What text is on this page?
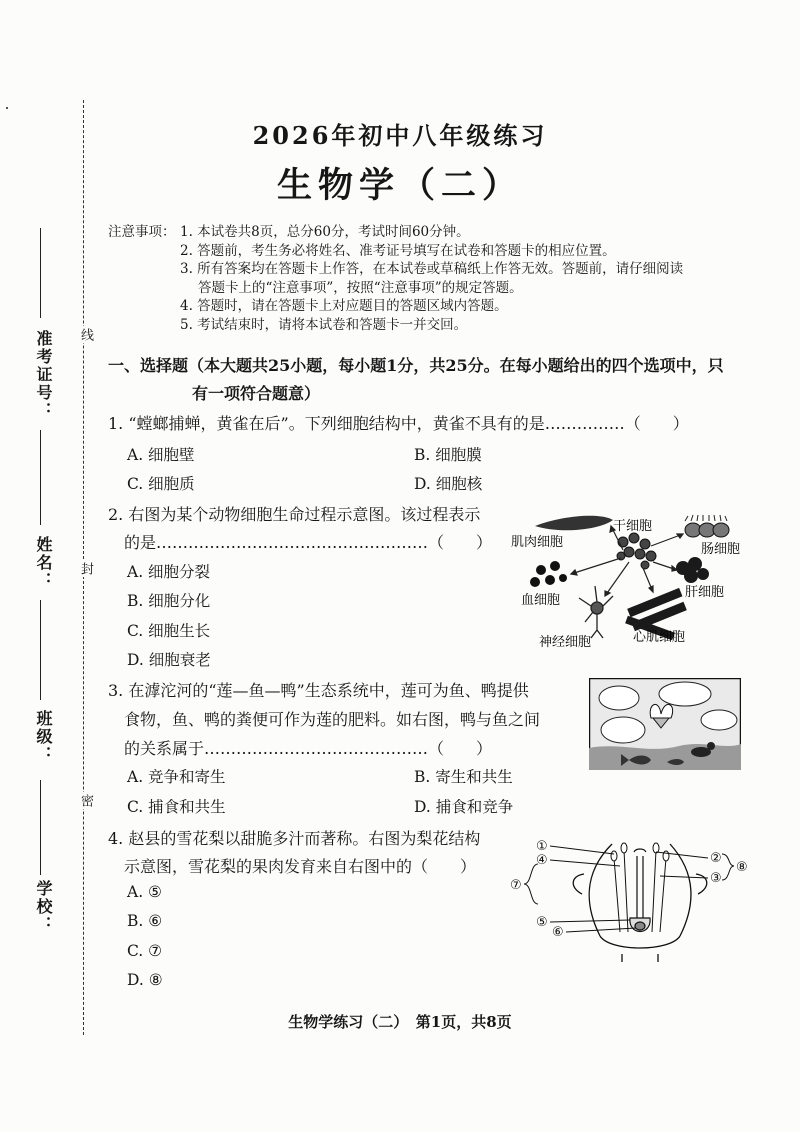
线
封
密
准考证号：
姓名：
班级：
学校：
2026年初中八年级练习
生物学（二）
注意事项： 1. 本试卷共8页，总分60分，考试时间60分钟。
2. 答题前，考生务必将姓名、准考证号填写在试卷和答题卡的相应位置。
3. 所有答案均在答题卡上作答，在本试卷或草稿纸上作答无效。答题前，请仔细阅读
答题卡上的“注意事项”，按照“注意事项”的规定答题。
4. 答题时，请在答题卡上对应题目的答题区域内答题。
5. 考试结束时，请将本试卷和答题卡一并交回。
一、选择题（本大题共25小题，每小题1分，共25分。在每小题给出的四个选项中，只
有一项符合题意）
1. “螳螂捕蝉，黄雀在后”。下列细胞结构中，黄雀不具有的是……………（　　）
A. 细胞壁	B. 细胞膜
C. 细胞质	D. 细胞核
2. 右图为某个动物细胞生命过程示意图。该过程表示
的是……………………………………………（　　）
A. 细胞分裂
B. 细胞分化
C. 细胞生长
D. 细胞衰老
干细胞
肌肉细胞	肠细胞
血细胞
肝细胞
神经细胞	心肌细胞
3. 在滹沱河的“莲—鱼—鸭”生态系统中，莲可为鱼、鸭提供
食物，鱼、鸭的粪便可作为莲的肥料。如右图，鸭与鱼之间
的关系属于……………………………………（　　）
A. 竞争和寄生	B. 寄生和共生
C. 捕食和共生	D. 捕食和竞争
4. 赵县的雪花梨以甜脆多汁而著称。右图为梨花结构
示意图，雪花梨的果肉发育来自右图中的（　　）
A. ⑤
B. ⑥
C. ⑦
D. ⑧
①
②
③
④
⑤
⑥
⑦
⑧
生物学练习（二）　第1页，共8页
